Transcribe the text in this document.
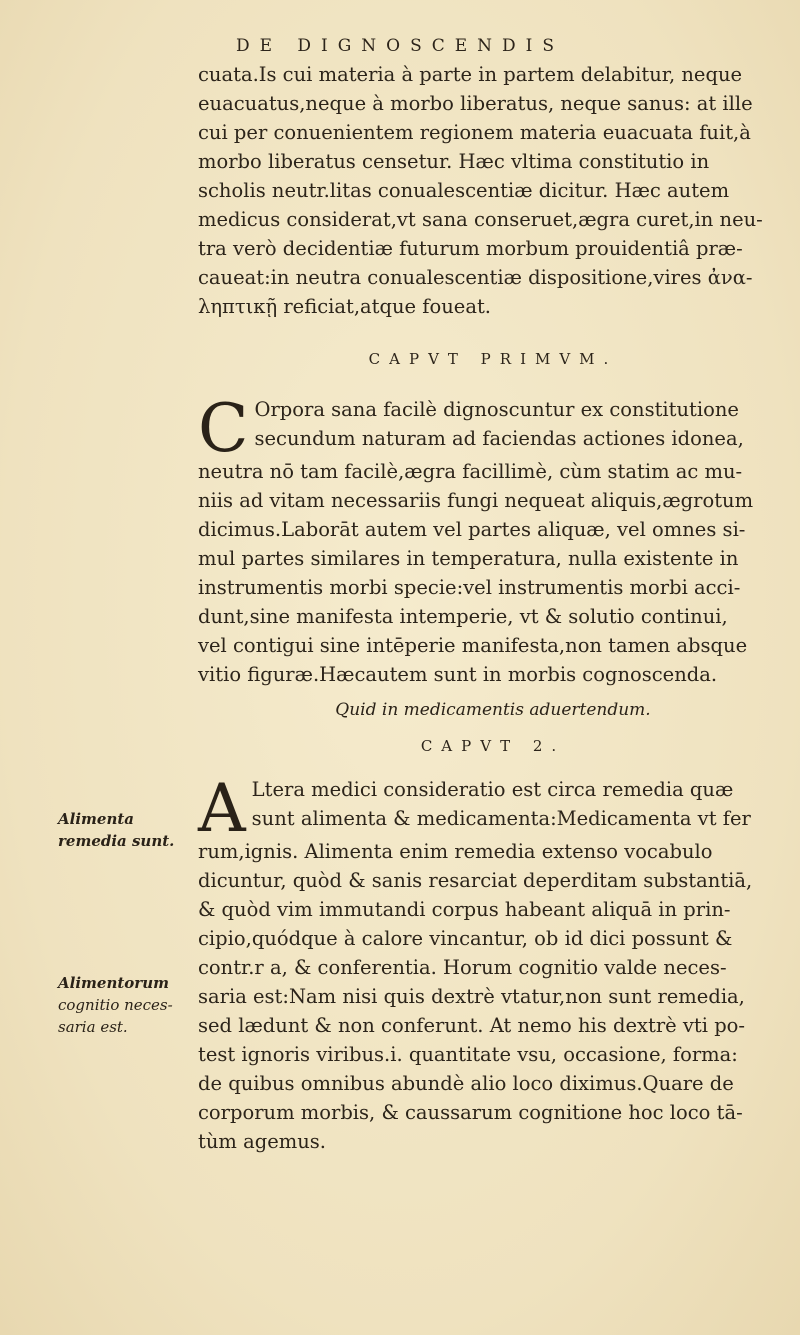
DE DIGNOSCENDIS
cuata.Is cui materia à parte in partem delabitur, neque
euacuatus,neque à morbo liberatus, neque sanus: at ille
cui per conuenientem regionem materia euacuata fuit,à
morbo liberatus censetur. Hæc vltima constitutio in
scholis neutr.litas conualescentiæ dicitur. Hæc autem
medicus considerat,vt sana conseruet,ægra curet,in neu-
tra verò decidentiæ futurum morbum prouidentiâ præ-
caueat:in neutra conualescentiæ dispositione,vires ἀνα-
ληπτικῇ reficiat,atque foueat.
CAPVT PRIMVM.
C Orpora sana facilè dignoscuntur ex constitutione
secundum naturam ad faciendas actiones idonea,
neutra nō tam facilè,ægra facillimè, cùm statim ac mu-
niis ad vitam necessariis fungi nequeat aliquis,ægrotum
dicimus.Laborāt autem vel partes aliquæ, vel omnes si-
mul partes similares in temperatura, nulla existente in
instrumentis morbi specie:vel instrumentis morbi acci-
dunt,sine manifesta intemperie, vt & solutio continui,
vel contigui sine intēperie manifesta,non tamen absque
vitio figuræ.Hæcautem sunt in morbis cognoscenda.
Quid in medicamentis aduertendum.
CAPVT 2.
A Ltera medici consideratio est circa remedia quæ
sunt alimenta & medicamenta:Medicamenta vt fer
rum,ignis. Alimenta enim remedia extenso vocabulo
dicuntur, quòd & sanis resarciat deperditam substantiā,
& quòd vim immutandi corpus habeant aliquā in prin-
cipio,quódque à calore vincantur, ob id dici possunt &
contr.r a, & conferentia. Horum cognitio valde neces-
saria est:Nam nisi quis dextrè vtatur,non sunt remedia,
sed lædunt & non conferunt. At nemo his dextrè vti po-
test ignoris viribus.i. quantitate vsu, occasione, forma:
de quibus omnibus abundè alio loco diximus.Quare de
corporum morbis, & caussarum cognitione hoc loco tā-
tùm agemus.
Alimenta
remedia sunt.
Alimentorum
cognitio neces-
saria est.
